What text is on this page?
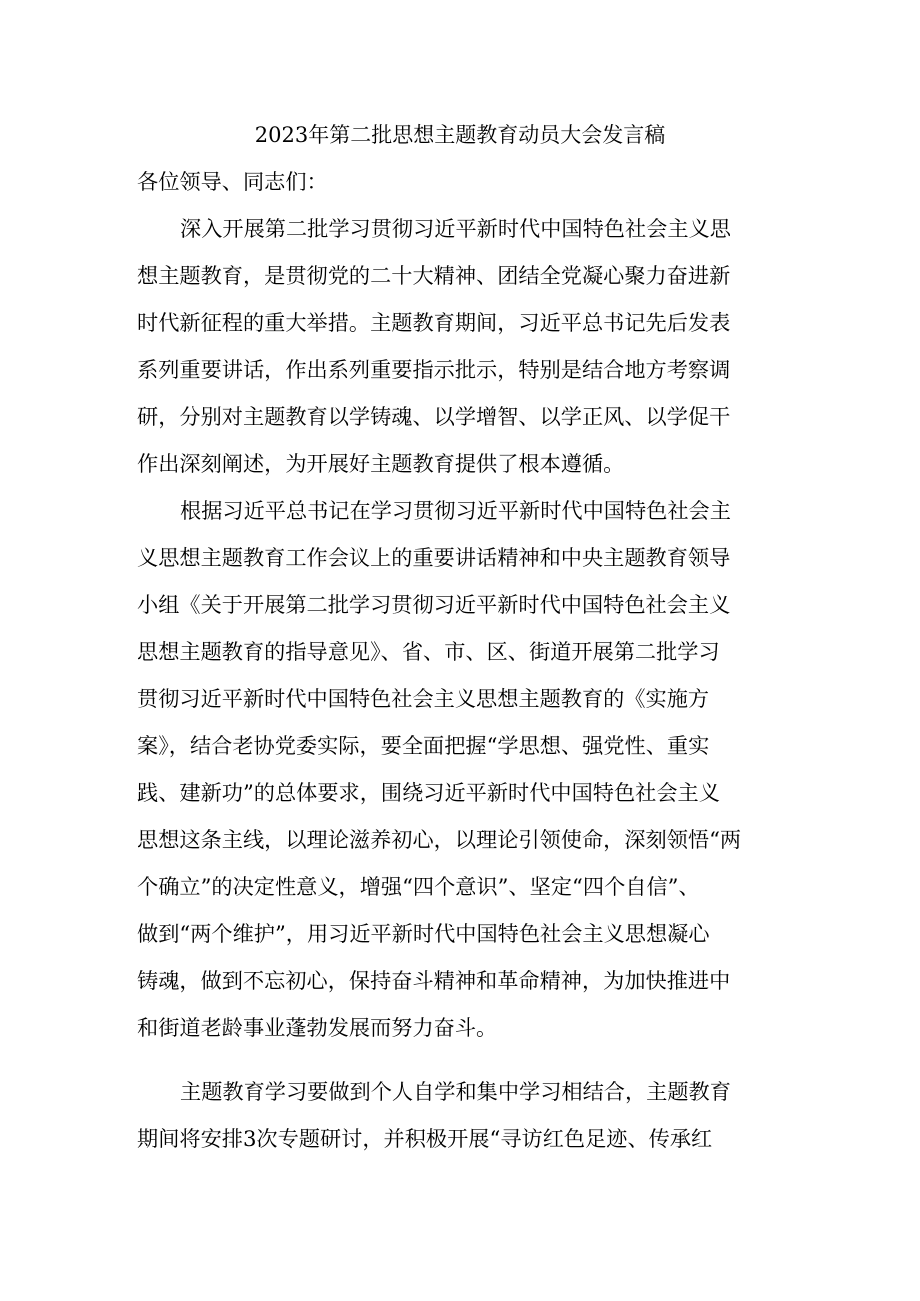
2023年第二批思想主题教育动员大会发言稿
各位领导、同志们：
深入开展第二批学习贯彻习近平新时代中国特色社会主义思
想主题教育，是贯彻党的二十大精神、团结全党凝心聚力奋进新
时代新征程的重大举措。主题教育期间，习近平总书记先后发表
系列重要讲话，作出系列重要指示批示，特别是结合地方考察调
研，分别对主题教育以学铸魂、以学增智、以学正风、以学促干
作出深刻阐述，为开展好主题教育提供了根本遵循。
根据习近平总书记在学习贯彻习近平新时代中国特色社会主
义思想主题教育工作会议上的重要讲话精神和中央主题教育领导
小组《关于开展第二批学习贯彻习近平新时代中国特色社会主义
思想主题教育的指导意见》、省、市、区、街道开展第二批学习
贯彻习近平新时代中国特色社会主义思想主题教育的《实施方
案》，结合老协党委实际，要全面把握“学思想、强党性、重实
践、建新功”的总体要求，围绕习近平新时代中国特色社会主义
思想这条主线，以理论滋养初心，以理论引领使命，深刻领悟“两
个确立”的决定性意义，增强“四个意识”、坚定“四个自信”、
做到“两个维护”，用习近平新时代中国特色社会主义思想凝心
铸魂，做到不忘初心，保持奋斗精神和革命精神，为加快推进中
和街道老龄事业蓬勃发展而努力奋斗。
主题教育学习要做到个人自学和集中学习相结合，主题教育
期间将安排3次专题研讨，并积极开展“寻访红色足迹、传承红
